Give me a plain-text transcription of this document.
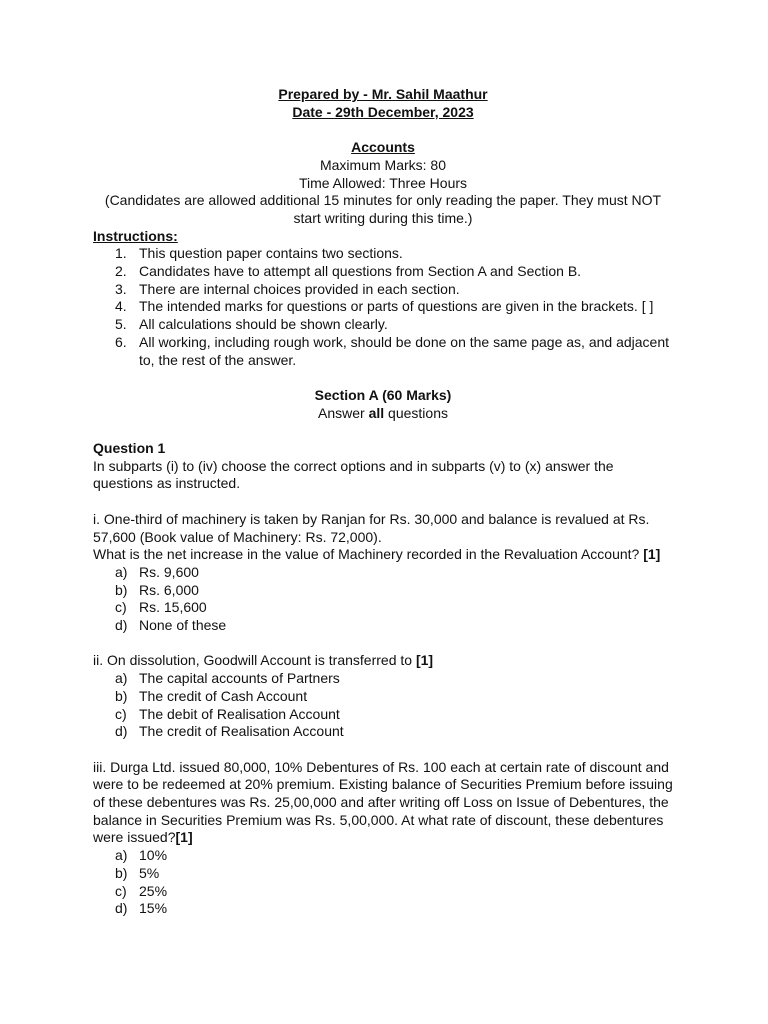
Prepared by - Mr. Sahil Maathur
Date - 29th December, 2023
Accounts
Maximum Marks: 80
Time Allowed: Three Hours
(Candidates are allowed additional 15 minutes for only reading the paper. They must NOT start writing during this time.)
Instructions:
1. This question paper contains two sections.
2. Candidates have to attempt all questions from Section A and Section B.
3. There are internal choices provided in each section.
4. The intended marks for questions or parts of questions are given in the brackets. [ ]
5. All calculations should be shown clearly.
6. All working, including rough work, should be done on the same page as, and adjacent to, the rest of the answer.
Section A (60 Marks)
Answer all questions
Question 1
In subparts (i) to (iv) choose the correct options and in subparts (v) to (x) answer the questions as instructed.
i. One-third of machinery is taken by Ranjan for Rs. 30,000 and balance is revalued at Rs. 57,600 (Book value of Machinery: Rs. 72,000).
What is the net increase in the value of Machinery recorded in the Revaluation Account? [1]
a) Rs. 9,600
b) Rs. 6,000
c) Rs. 15,600
d) None of these
ii. On dissolution, Goodwill Account is transferred to [1]
a) The capital accounts of Partners
b) The credit of Cash Account
c) The debit of Realisation Account
d) The credit of Realisation Account
iii. Durga Ltd. issued 80,000, 10% Debentures of Rs. 100 each at certain rate of discount and were to be redeemed at 20% premium. Existing balance of Securities Premium before issuing of these debentures was Rs. 25,00,000 and after writing off Loss on Issue of Debentures, the balance in Securities Premium was Rs. 5,00,000. At what rate of discount, these debentures were issued?[1]
a) 10%
b) 5%
c) 25%
d) 15%
